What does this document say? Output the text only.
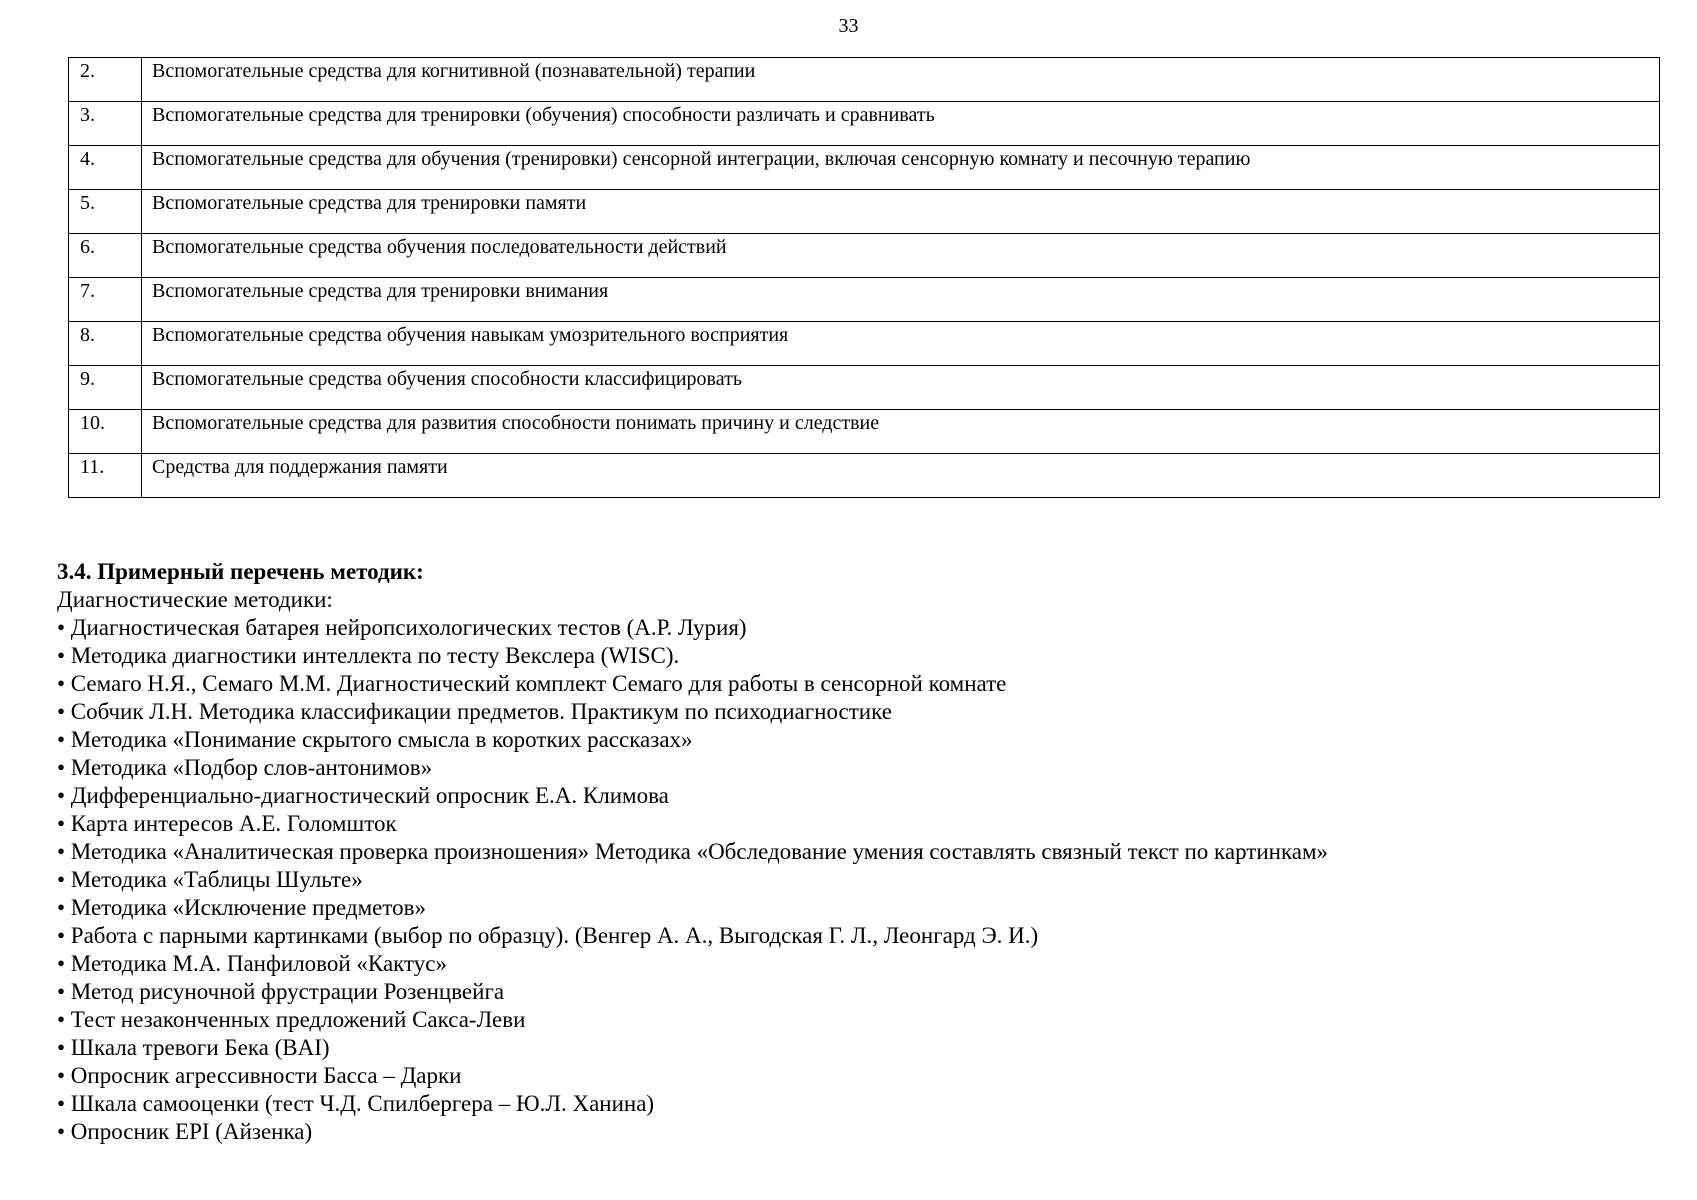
33
2.	Вспомогательные средства для когнитивной (познавательной) терапии
3.	Вспомогательные средства для тренировки (обучения) способности различать и сравнивать
4.	Вспомогательные средства для обучения (тренировки) сенсорной интеграции, включая сенсорную комнату и песочную терапию
5.	Вспомогательные средства для тренировки памяти
6.	Вспомогательные средства обучения последовательности действий
7.	Вспомогательные средства для тренировки внимания
8.	Вспомогательные средства обучения навыкам умозрительного восприятия
9.	Вспомогательные средства обучения способности классифицировать
10.	Вспомогательные средства для развития способности понимать причину и следствие
11.	Средства для поддержания памяти
3.4. Примерный перечень методик:
Диагностические методики:
• Диагностическая батарея нейропсихологических тестов (А.Р. Лурия)
• Методика диагностики интеллекта по тесту Векслера (WISC).
• Семаго Н.Я., Семаго М.М. Диагностический комплект Семаго для работы в сенсорной комнате
• Собчик Л.Н. Методика классификации предметов. Практикум по психодиагностике
• Методика «Понимание скрытого смысла в коротких рассказах»
• Методика «Подбор слов-антонимов»
• Дифференциально-диагностический опросник Е.А. Климова
• Карта интересов А.Е. Голомшток
• Методика «Аналитическая проверка произношения» Методика «Обследование умения составлять связный текст по картинкам»
• Методика «Таблицы Шульте»
• Методика «Исключение предметов»
• Работа с парными картинками (выбор по образцу). (Венгер А. А., Выгодская Г. Л., Леонгард Э. И.)
• Методика М.А. Панфиловой «Кактус»
• Метод рисуночной фрустрации Розенцвейга
• Тест незаконченных предложений Сакса-Леви
• Шкала тревоги Бека (BAI)
• Опросник агрессивности Басса – Дарки
• Шкала самооценки (тест Ч.Д. Спилбергера – Ю.Л. Ханина)
• Опросник EPI (Айзенка)
